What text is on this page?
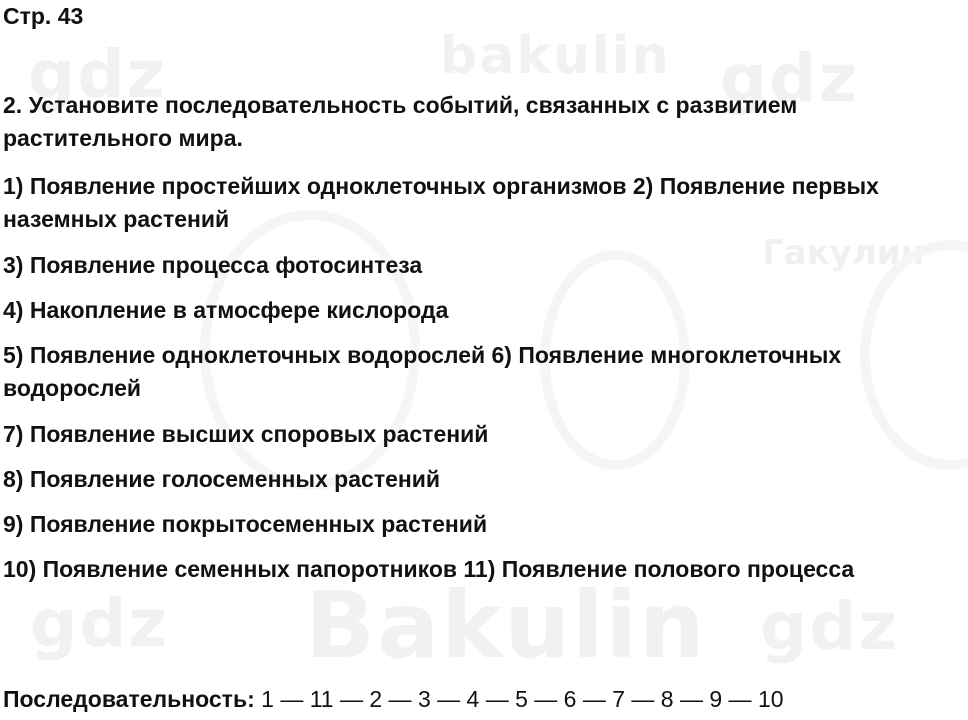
gdz	bakulin gdz
gdz Bakulin gdz
Гакулин
Стр. 43
2. Установите последовательность событий, связанных с развитием растительного мира.
1) Появление простейших одноклеточных организмов 2) Появление первых наземных растений
3) Появление процесса фотосинтеза
4) Накопление в атмосфере кислорода
5) Появление одноклеточных водорослей 6) Появление многоклеточных водорослей
7) Появление высших споровых растений
8) Появление голосеменных растений
9) Появление покрытосеменных растений
10) Появление семенных папоротников 11) Появление полового процесса
Последовательность: 1 — 11 — 2 — 3 — 4 — 5 — 6 — 7 — 8 — 9 — 10
